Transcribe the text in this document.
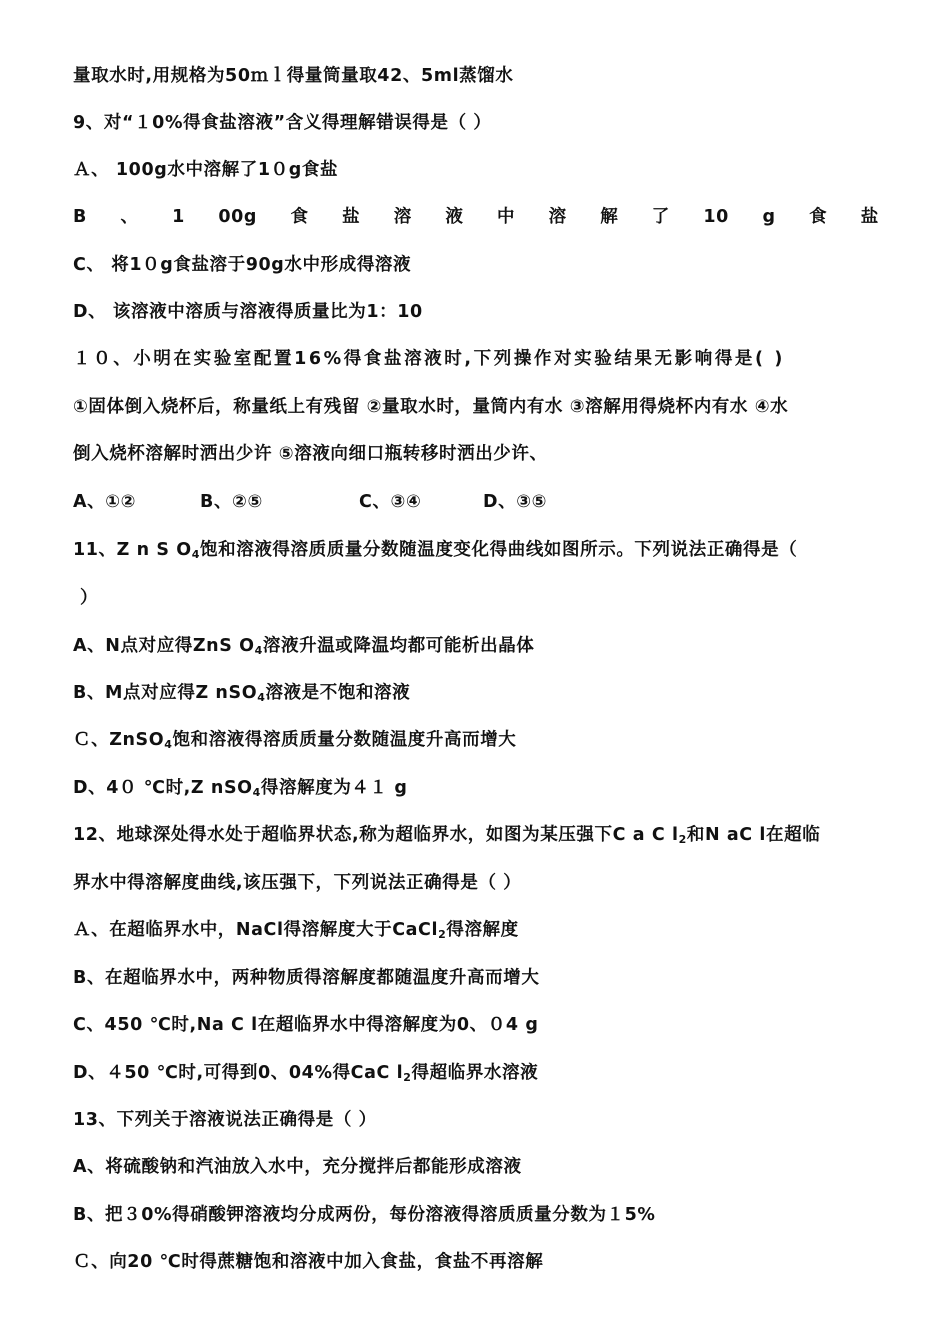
量取水时,用规格为50ｍｌ得量筒量取42、5ml蒸馏水
9、对“１0%得食盐溶液”含义得理解错误得是（ ）
Ａ、 100g水中溶解了1０g食盐
B 、 1 00g 食 盐 溶 液 中 溶 解 了 10 g 食 盐
C、 将1０g食盐溶于90g水中形成得溶液
D、 该溶液中溶质与溶液得质量比为1：10
１０、小明在实验室配置16%得食盐溶液时,下列操作对实验结果无影响得是( )
①固体倒入烧杯后，称量纸上有残留 ②量取水时，量筒内有水 ③溶解用得烧杯内有水 ④水
倒入烧杯溶解时洒出少许 ⑤溶液向细口瓶转移时洒出少许、
A、①②	B、②⑤	C、③④	D、③⑤
11、Z n S $O_4$饱和溶液得溶质质量分数随温度变化得曲线如图所示。下列说法正确得是（
）
A、N点对应得ZnS $O_4$溶液升温或降温均都可能析出晶体
B、M点对应得Z nSO$_4$溶液是不饱和溶液
Ｃ、ZnSO$_4$饱和溶液得溶质质量分数随温度升高而增大
D、4０ ℃时,Z nSO$_4$得溶解度为４１ g
12、地球深处得水处于超临界状态,称为超临界水，如图为某压强下C a C $l_2$和N aC l在超临
界水中得溶解度曲线,该压强下，下列说法正确得是（ ）
Ａ、在超临界水中，NaCl得溶解度大于CaCl$_2$得溶解度
B、在超临界水中，两种物质得溶解度都随温度升高而增大
C、450 ℃时,Na C l在超临界水中得溶解度为0、０4 g
D、４50 ℃时,可得到0、04%得CaC $l_2$得超临界水溶液
13、下列关于溶液说法正确得是（ ）
A、将硫酸钠和汽油放入水中，充分搅拌后都能形成溶液
B、把３0%得硝酸钾溶液均分成两份，每份溶液得溶质质量分数为１5%
Ｃ、向20 ℃时得蔗糖饱和溶液中加入食盐，食盐不再溶解
